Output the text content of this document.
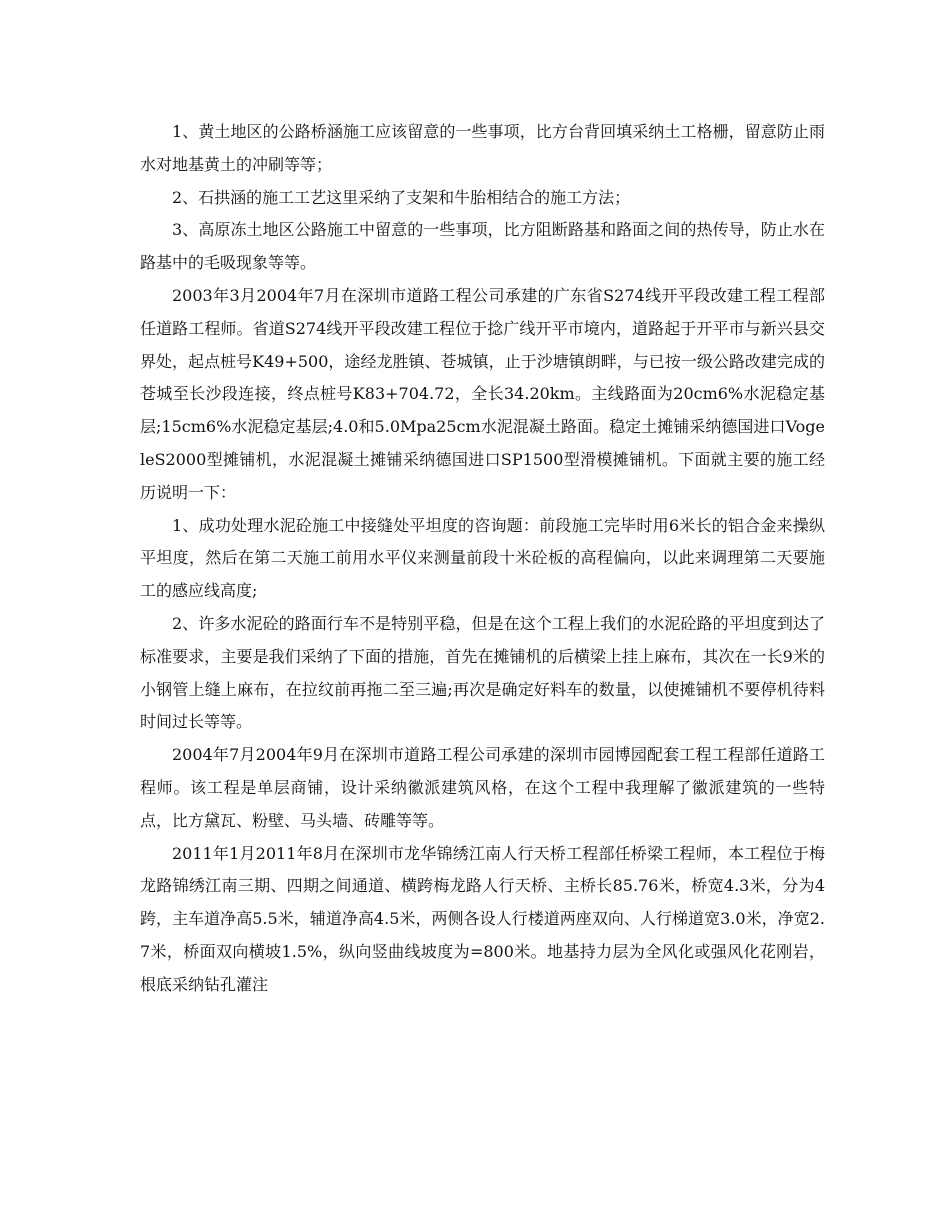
1、黄土地区的公路桥涵施工应该留意的一些事项，比方台背回填采纳土工格栅，留意防止雨水对地基黄土的冲刷等等；

2、石拱涵的施工工艺这里采纳了支架和牛胎相结合的施工方法；

3、高原冻土地区公路施工中留意的一些事项，比方阻断路基和路面之间的热传导，防止水在路基中的毛吸现象等等。

2003年3月2004年7月在深圳市道路工程公司承建的广东省S274线开平段改建工程工程部任道路工程师。省道S274线开平段改建工程位于捻广线开平市境内，道路起于开平市与新兴县交界处，起点桩号K49+500，途经龙胜镇、苍城镇，止于沙塘镇朗畔，与已按一级公路改建完成的苍城至长沙段连接，终点桩号K83+704.72，全长34.20km。主线路面为20cm6%水泥稳定基层;15cm6%水泥稳定基层;4.0和5.0Mpa25cm水泥混凝土路面。稳定土摊铺采纳德国进口VogeleS2000型摊铺机，水泥混凝土摊铺采纳德国进口SP1500型滑模摊铺机。下面就主要的施工经历说明一下：

1、成功处理水泥砼施工中接缝处平坦度的咨询题：前段施工完毕时用6米长的铝合金来操纵平坦度，然后在第二天施工前用水平仪来测量前段十米砼板的高程偏向，以此来调理第二天要施工的感应线高度;

2、许多水泥砼的路面行车不是特别平稳，但是在这个工程上我们的水泥砼路的平坦度到达了标准要求，主要是我们采纳了下面的措施，首先在摊铺机的后横梁上挂上麻布，其次在一长9米的小钢管上缝上麻布，在拉纹前再拖二至三遍;再次是确定好料车的数量，以使摊铺机不要停机待料时间过长等等。

2004年7月2004年9月在深圳市道路工程公司承建的深圳市园博园配套工程工程部任道路工程师。该工程是单层商铺，设计采纳徽派建筑风格，在这个工程中我理解了徽派建筑的一些特点，比方黛瓦、粉壁、马头墙、砖雕等等。

2011年1月2011年8月在深圳市龙华锦绣江南人行天桥工程部任桥梁工程师，本工程位于梅龙路锦绣江南三期、四期之间通道、横跨梅龙路人行天桥、主桥长85.76米，桥宽4.3米，分为4跨，主车道净高5.5米，辅道净高4.5米，两侧各设人行楼道两座双向、人行梯道宽3.0米，净宽2.7米，桥面双向横坡1.5%，纵向竖曲线坡度为=800米。地基持力层为全风化或强风化花刚岩，根底采纳钻孔灌注
